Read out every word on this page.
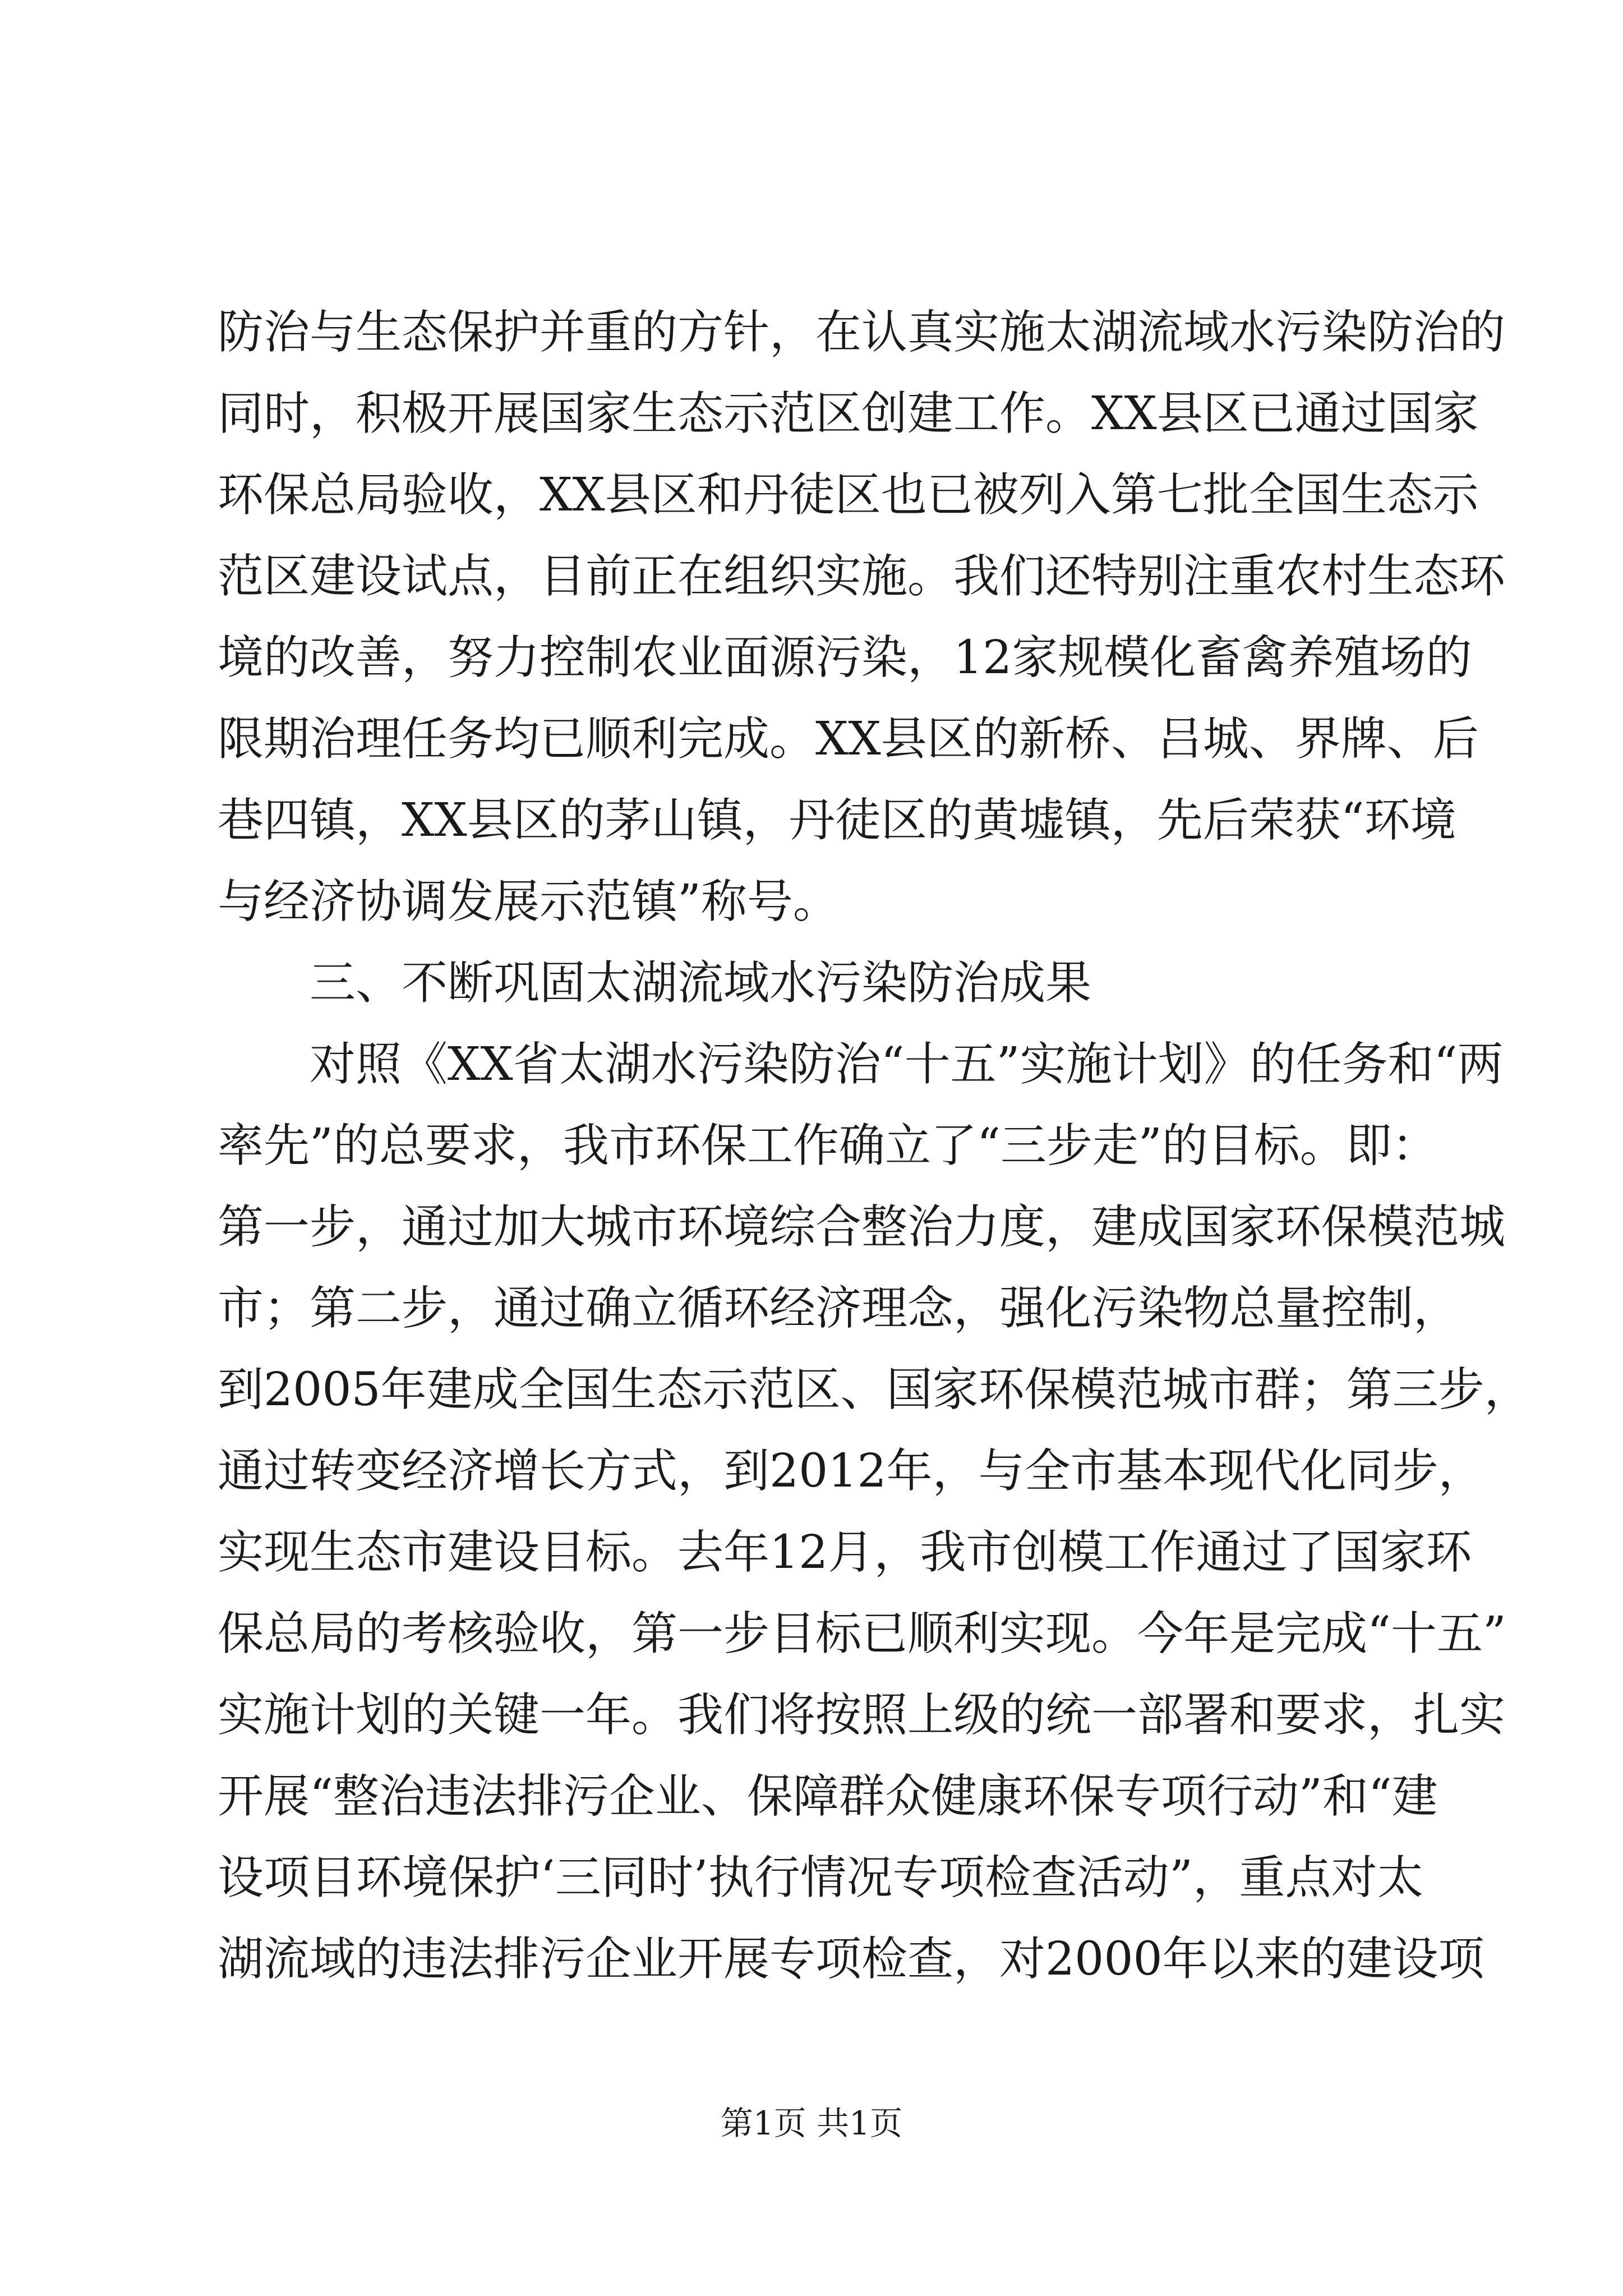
防治与生态保护并重的方针，在认真实施太湖流域水污染防治的
同时，积极开展国家生态示范区创建工作。XX县区已通过国家
环保总局验收，XX县区和丹徒区也已被列入第七批全国生态示
范区建设试点，目前正在组织实施。我们还特别注重农村生态环
境的改善，努力控制农业面源污染，12家规模化畜禽养殖场的
限期治理任务均已顺利完成。XX县区的新桥、吕城、界牌、后
巷四镇，XX县区的茅山镇，丹徒区的黄墟镇，先后荣获“环境
与经济协调发展示范镇”称号。
三、不断巩固太湖流域水污染防治成果
对照《XX省太湖水污染防治“十五”实施计划》的任务和“两
率先”的总要求，我市环保工作确立了“三步走”的目标。即：
第一步，通过加大城市环境综合整治力度，建成国家环保模范城
市；第二步，通过确立循环经济理念，强化污染物总量控制，
到2005年建成全国生态示范区、国家环保模范城市群；第三步，
通过转变经济增长方式，到2012年，与全市基本现代化同步，
实现生态市建设目标。去年12月，我市创模工作通过了国家环
保总局的考核验收，第一步目标已顺利实现。今年是完成“十五”
实施计划的关键一年。我们将按照上级的统一部署和要求，扎实
开展“整治违法排污企业、保障群众健康环保专项行动”和“建
设项目环境保护‘三同时’执行情况专项检查活动”，重点对太
湖流域的违法排污企业开展专项检查，对2000年以来的建设项
第1页 共1页
